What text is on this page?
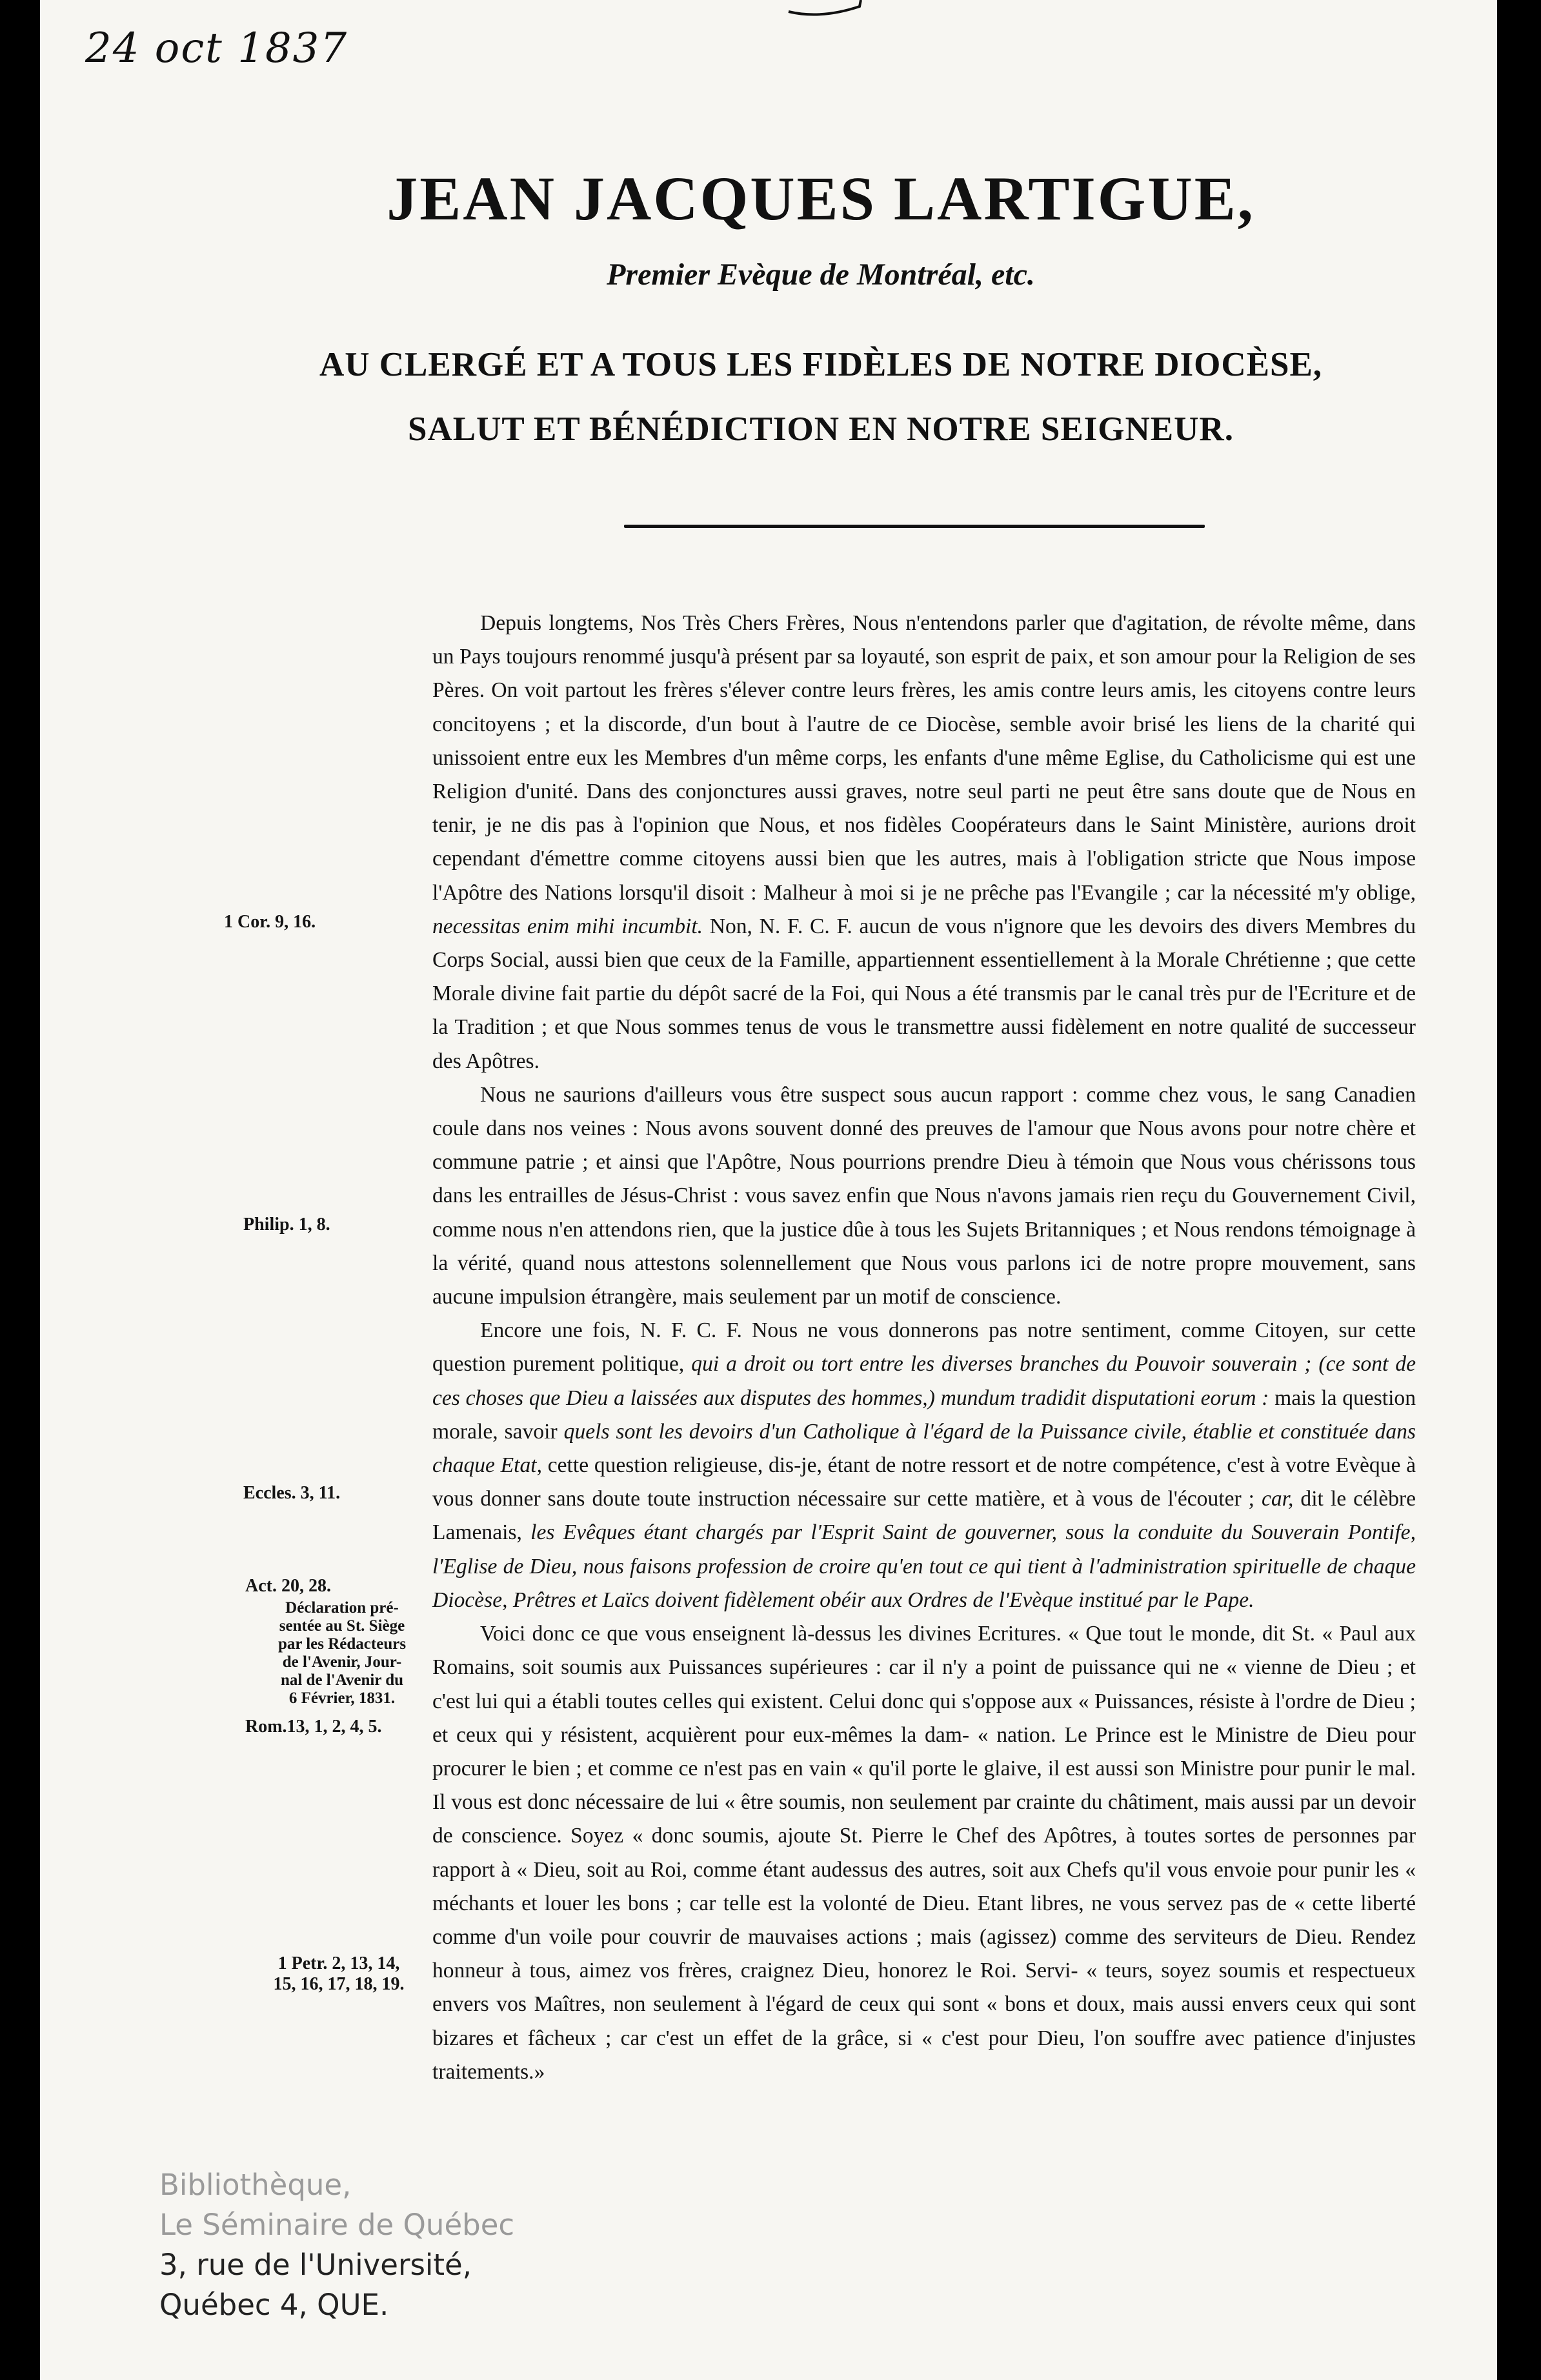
24 oct 1837

JEAN JACQUES LARTIGUE,

Premier Evèque de Montréal, etc.

AU CLERGÉ ET A TOUS LES FIDÈLES DE NOTRE DIOCÈSE,

SALUT ET BÉNÉDICTION EN NOTRE SEIGNEUR.

Depuis longtems, Nos Très Chers Frères, Nous n'entendons parler que d'agitation, de révolte même, dans un Pays toujours renommé jusqu'à présent par sa loyauté, son esprit de paix, et son amour pour la Religion de ses Pères. On voit partout les frères s'élever contre leurs frères, les amis contre leurs amis, les citoyens contre leurs concitoyens ; et la discorde, d'un bout à l'autre de ce Diocèse, semble avoir brisé les liens de la charité qui unissoient entre eux les Membres d'un même corps, les enfants d'une même Eglise, du Catholicisme qui est une Religion d'unité. Dans des conjonctures aussi graves, notre seul parti ne peut être sans doute que de Nous en tenir, je ne dis pas à l'opinion que Nous, et nos fidèles Coopérateurs dans le Saint Ministère, aurions droit cependant d'émettre comme citoyens aussi bien que les autres, mais à l'obligation stricte que Nous impose l'Apôtre des Nations lorsqu'il disoit : Malheur à moi si je ne prêche pas l'Evangile ; car la nécessité m'y oblige, necessitas enim mihi incumbit. Non, N. F. C. F. aucun de vous n'ignore que les devoirs des divers Membres du Corps Social, aussi bien que ceux de la Famille, appartiennent essentiellement à la Morale Chrétienne ; que cette Morale divine fait partie du dépôt sacré de la Foi, qui Nous a été transmis par le canal très pur de l'Ecriture et de la Tradition ; et que Nous sommes tenus de vous le transmettre aussi fidèlement en notre qualité de successeur des Apôtres.

Nous ne saurions d'ailleurs vous être suspect sous aucun rapport : comme chez vous, le sang Canadien coule dans nos veines : Nous avons souvent donné des preuves de l'amour que Nous avons pour notre chère et commune patrie ; et ainsi que l'Apôtre, Nous pourrions prendre Dieu à témoin que Nous vous chérissons tous dans les entrailles de Jésus-Christ : vous savez enfin que Nous n'avons jamais rien reçu du Gouvernement Civil, comme nous n'en attendons rien, que la justice dûe à tous les Sujets Britanniques ; et Nous rendons témoignage à la vérité, quand nous attestons solennellement que Nous vous parlons ici de notre propre mouvement, sans aucune impulsion étrangère, mais seulement par un motif de conscience.

Encore une fois, N. F. C. F. Nous ne vous donnerons pas notre sentiment, comme Citoyen, sur cette question purement politique, qui a droit ou tort entre les diverses branches du Pouvoir souverain ; (ce sont de ces choses que Dieu a laissées aux disputes des hommes,) mundum tradidit disputationi eorum : mais la question morale, savoir quels sont les devoirs d'un Catholique à l'égard de la Puissance civile, établie et constituée dans chaque Etat, cette question religieuse, dis-je, étant de notre ressort et de notre compétence, c'est à votre Evèque à vous donner sans doute toute instruction nécessaire sur cette matière, et à vous de l'écouter ; car, dit le célèbre Lamenais, les Evêques étant chargés par l'Esprit Saint de gouverner, sous la conduite du Souverain Pontife, l'Eglise de Dieu, nous faisons profession de croire qu'en tout ce qui tient à l'administration spirituelle de chaque Diocèse, Prêtres et Laïcs doivent fidèlement obéir aux Ordres de l'Evèque institué par le Pape.

Voici donc ce que vous enseignent là-dessus les divines Ecritures. « Que tout le monde, dit St. « Paul aux Romains, soit soumis aux Puissances supérieures : car il n'y a point de puissance qui ne « vienne de Dieu ; et c'est lui qui a établi toutes celles qui existent. Celui donc qui s'oppose aux « Puissances, résiste à l'ordre de Dieu ; et ceux qui y résistent, acquièrent pour eux-mêmes la dam- « nation. Le Prince est le Ministre de Dieu pour procurer le bien ; et comme ce n'est pas en vain « qu'il porte le glaive, il est aussi son Ministre pour punir le mal. Il vous est donc nécessaire de lui « être soumis, non seulement par crainte du châtiment, mais aussi par un devoir de conscience. Soyez « donc soumis, ajoute St. Pierre le Chef des Apôtres, à toutes sortes de personnes par rapport à « Dieu, soit au Roi, comme étant audessus des autres, soit aux Chefs qu'il vous envoie pour punir les « méchants et louer les bons ; car telle est la volonté de Dieu. Etant libres, ne vous servez pas de « cette liberté comme d'un voile pour couvrir de mauvaises actions ; mais (agissez) comme des serviteurs de Dieu. Rendez honneur à tous, aimez vos frères, craignez Dieu, honorez le Roi. Servi- « teurs, soyez soumis et respectueux envers vos Maîtres, non seulement à l'égard de ceux qui sont « bons et doux, mais aussi envers ceux qui sont bizares et fâcheux ; car c'est un effet de la grâce, si « c'est pour Dieu, l'on souffre avec patience d'injustes traitements.»

1 Cor. 9, 16.

Philip. 1, 8.

Eccles. 3, 11.

Act. 20, 28.

Déclaration pré-
sentée au St. Siège
par les Rédacteurs
de l'Avenir, Jour-
nal de l'Avenir du
6 Février, 1831.

Rom.13, 1, 2, 4, 5.

1 Petr. 2, 13, 14,
15, 16, 17, 18, 19.
Bibliothèque,
Le Séminaire de Québec
3, rue de l'Université,
Québec 4, QUE.
